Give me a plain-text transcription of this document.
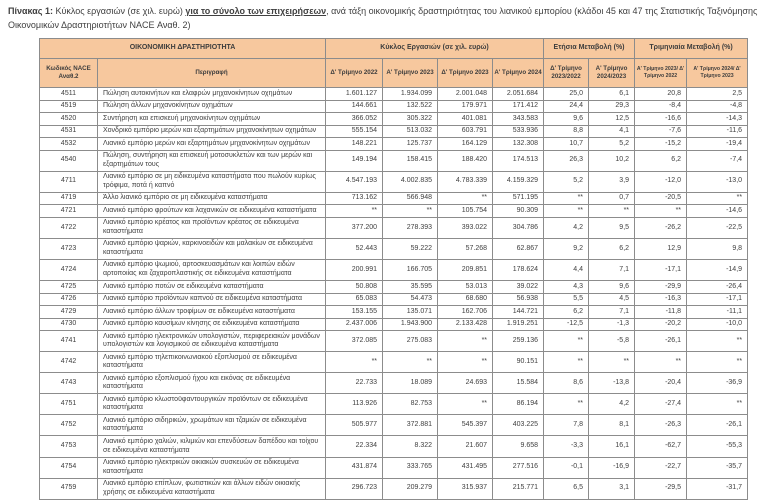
Πίνακας 1: Κύκλος εργασιών (σε χιλ. ευρώ) για το σύνολο των επιχειρήσεων, ανά τάξη οικονομικής δραστηριότητας του λιανικού εμπορίου (κλάδοι 45 και 47 της Στατιστικής Ταξινόμησης Οικονομικών Δραστηριοτήτων NACE Αναθ. 2)
ΟΙΚΟΝΟΜΙΚΗ ΔΡΑΣΤΗΡΙΟΤΗΤΑ		Κύκλος Εργασιών (σε χιλ. ευρώ)				Ετήσια Μεταβολή (%)		Τριμηνιαία Μεταβολή (%)	
Κωδικός NACE Αναθ.2	Περιγραφή	Δ' Τρίμηνο 2022	Α' Τρίμηνο 2023	Δ' Τρίμηνο 2023	Α' Τρίμηνο 2024	Δ' Τρίμηνο 2023/2022	Α' Τρίμηνο 2024/2023	Α' Τρίμηνο 2023/ Δ' Τρίμηνο 2022	Α' Τρίμηνο 2024/ Δ' Τρίμηνο 2023
4511	Πώληση αυτοκινήτων και ελαφρών μηχανοκίνητων οχημάτων	1.601.127	1.934.099	2.001.048	2.051.684	25,0	6,1	20,8	2,5
4519	Πώληση άλλων μηχανοκίνητων οχημάτων	144.661	132.522	179.971	171.412	24,4	29,3	-8,4	-4,8
4520	Συντήρηση και επισκευή μηχανοκίνητων οχημάτων	366.052	305.322	401.081	343.583	9,6	12,5	-16,6	-14,3
4531	Χονδρικό εμπόριο μερών και εξαρτημάτων μηχανοκίνητων οχημάτων	555.154	513.032	603.791	533.936	8,8	4,1	-7,6	-11,6
4532	Λιανικό εμπόριο μερών και εξαρτημάτων μηχανοκίνητων οχημάτων	148.221	125.737	164.129	132.308	10,7	5,2	-15,2	-19,4
4540	Πώληση, συντήρηση και επισκευή μοτοσυκλετών και των μερών και εξαρτημάτων τους	149.194	158.415	188.420	174.513	26,3	10,2	6,2	-7,4
4711	Λιανικό εμπόριο σε μη ειδικευμένα καταστήματα που πωλούν κυρίως τρόφιμα, ποτά ή καπνό	4.547.193	4.002.835	4.783.339	4.159.329	5,2	3,9	-12,0	-13,0
4719	Άλλο λιανικό εμπόριο σε μη ειδικευμένα καταστήματα	713.162	566.948	**	571.195	**	0,7	-20,5	**
4721	Λιανικό εμπόριο φρούτων και λαχανικών σε ειδικευμένα καταστήματα	**	**	105.754	90.309	**	**	**	-14,6
4722	Λιανικό εμπόριο κρέατος και προϊόντων κρέατος σε ειδικευμένα καταστήματα	377.200	278.393	393.022	304.786	4,2	9,5	-26,2	-22,5
4723	Λιανικό εμπόριο ψαριών, καρκινοειδών και μαλακίων σε ειδικευμένα καταστήματα	52.443	59.222	57.268	62.867	9,2	6,2	12,9	9,8
4724	Λιανικό εμπόριο ψωμιού, αρτοσκευασμάτων και λοιπών ειδών αρτοποιίας και ζαχαροπλαστικής σε ειδικευμένα καταστήματα	200.991	166.705	209.851	178.624	4,4	7,1	-17,1	-14,9
4725	Λιανικό εμπόριο ποτών σε ειδικευμένα καταστήματα	50.808	35.595	53.013	39.022	4,3	9,6	-29,9	-26,4
4726	Λιανικό εμπόριο προϊόντων καπνού σε ειδικευμένα καταστήματα	65.083	54.473	68.680	56.938	5,5	4,5	-16,3	-17,1
4729	Λιανικό εμπόριο άλλων τροφίμων σε ειδικευμένα καταστήματα	153.155	135.071	162.706	144.721	6,2	7,1	-11,8	-11,1
4730	Λιανικό εμπόριο καυσίμων κίνησης σε ειδικευμένα καταστήματα	2.437.006	1.943.900	2.133.428	1.919.251	-12,5	-1,3	-20,2	-10,0
4741	Λιανικό εμπόριο ηλεκτρονικών υπολογιστών, περιφερειακών μονάδων υπολογιστών και λογισμικού σε ειδικευμένα καταστήματα	372.085	275.083	**	259.136	**	-5,8	-26,1	**
4742	Λιανικό εμπόριο τηλεπικοινωνιακού εξοπλισμού σε ειδικευμένα καταστήματα	**	**	**	90.151	**	**	**	**
4743	Λιανικό εμπόριο εξοπλισμού ήχου και εικόνας σε ειδικευμένα καταστήματα	22.733	18.089	24.693	15.584	8,6	-13,8	-20,4	-36,9
4751	Λιανικό εμπόριο κλωστοϋφαντουργικών προϊόντων σε ειδικευμένα καταστήματα	113.926	82.753	**	86.194	**	4,2	-27,4	**
4752	Λιανικό εμπόριο σιδηρικών, χρωμάτων και τζαμιών σε ειδικευμένα καταστήματα	505.977	372.881	545.397	403.225	7,8	8,1	-26,3	-26,1
4753	Λιανικό εμπόριο χαλιών, κιλιμιών και επενδύσεων δαπέδου και τοίχου σε ειδικευμένα καταστήματα	22.334	8.322	21.607	9.658	-3,3	16,1	-62,7	-55,3
4754	Λιανικό εμπόριο ηλεκτρικών οικιακών συσκευών σε ειδικευμένα καταστήματα	431.874	333.765	431.495	277.516	-0,1	-16,9	-22,7	-35,7
4759	Λιανικό εμπόριο επίπλων, φωτιστικών και άλλων ειδών οικιακής χρήσης σε ειδικευμένα καταστήματα	296.723	209.279	315.937	215.771	6,5	3,1	-29,5	-31,7
